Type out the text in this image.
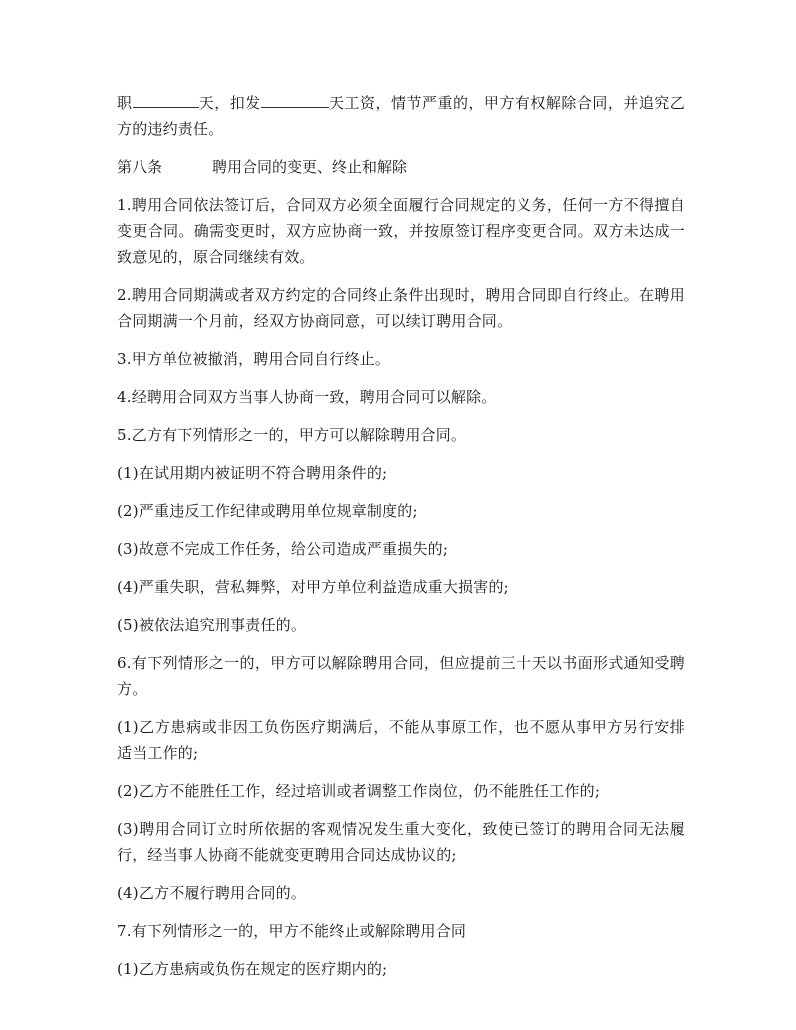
职	天，扣发	天工资，情节严重的，甲方有权解除合同，并追究乙方的违约责任。

第八条	聘用合同的变更、终止和解除

1.聘用合同依法签订后，合同双方必须全面履行合同规定的义务，任何一方不得擅自变更合同。确需变更时，双方应协商一致，并按原签订程序变更合同。双方未达成一致意见的，原合同继续有效。

2.聘用合同期满或者双方约定的合同终止条件出现时，聘用合同即自行终止。在聘用合同期满一个月前，经双方协商同意，可以续订聘用合同。

3.甲方单位被撤消，聘用合同自行终止。

4.经聘用合同双方当事人协商一致，聘用合同可以解除。

5.乙方有下列情形之一的，甲方可以解除聘用合同。

(1)在试用期内被证明不符合聘用条件的;

(2)严重违反工作纪律或聘用单位规章制度的;

(3)故意不完成工作任务，给公司造成严重损失的;

(4)严重失职，营私舞弊，对甲方单位利益造成重大损害的;

(5)被依法追究刑事责任的。

6.有下列情形之一的，甲方可以解除聘用合同，但应提前三十天以书面形式通知受聘方。

(1)乙方患病或非因工负伤医疗期满后，不能从事原工作，也不愿从事甲方另行安排适当工作的;

(2)乙方不能胜任工作，经过培训或者调整工作岗位，仍不能胜任工作的;

(3)聘用合同订立时所依据的客观情况发生重大变化，致使已签订的聘用合同无法履行，经当事人协商不能就变更聘用合同达成协议的;

(4)乙方不履行聘用合同的。

7.有下列情形之一的，甲方不能终止或解除聘用合同

(1)乙方患病或负伤在规定的医疗期内的;
